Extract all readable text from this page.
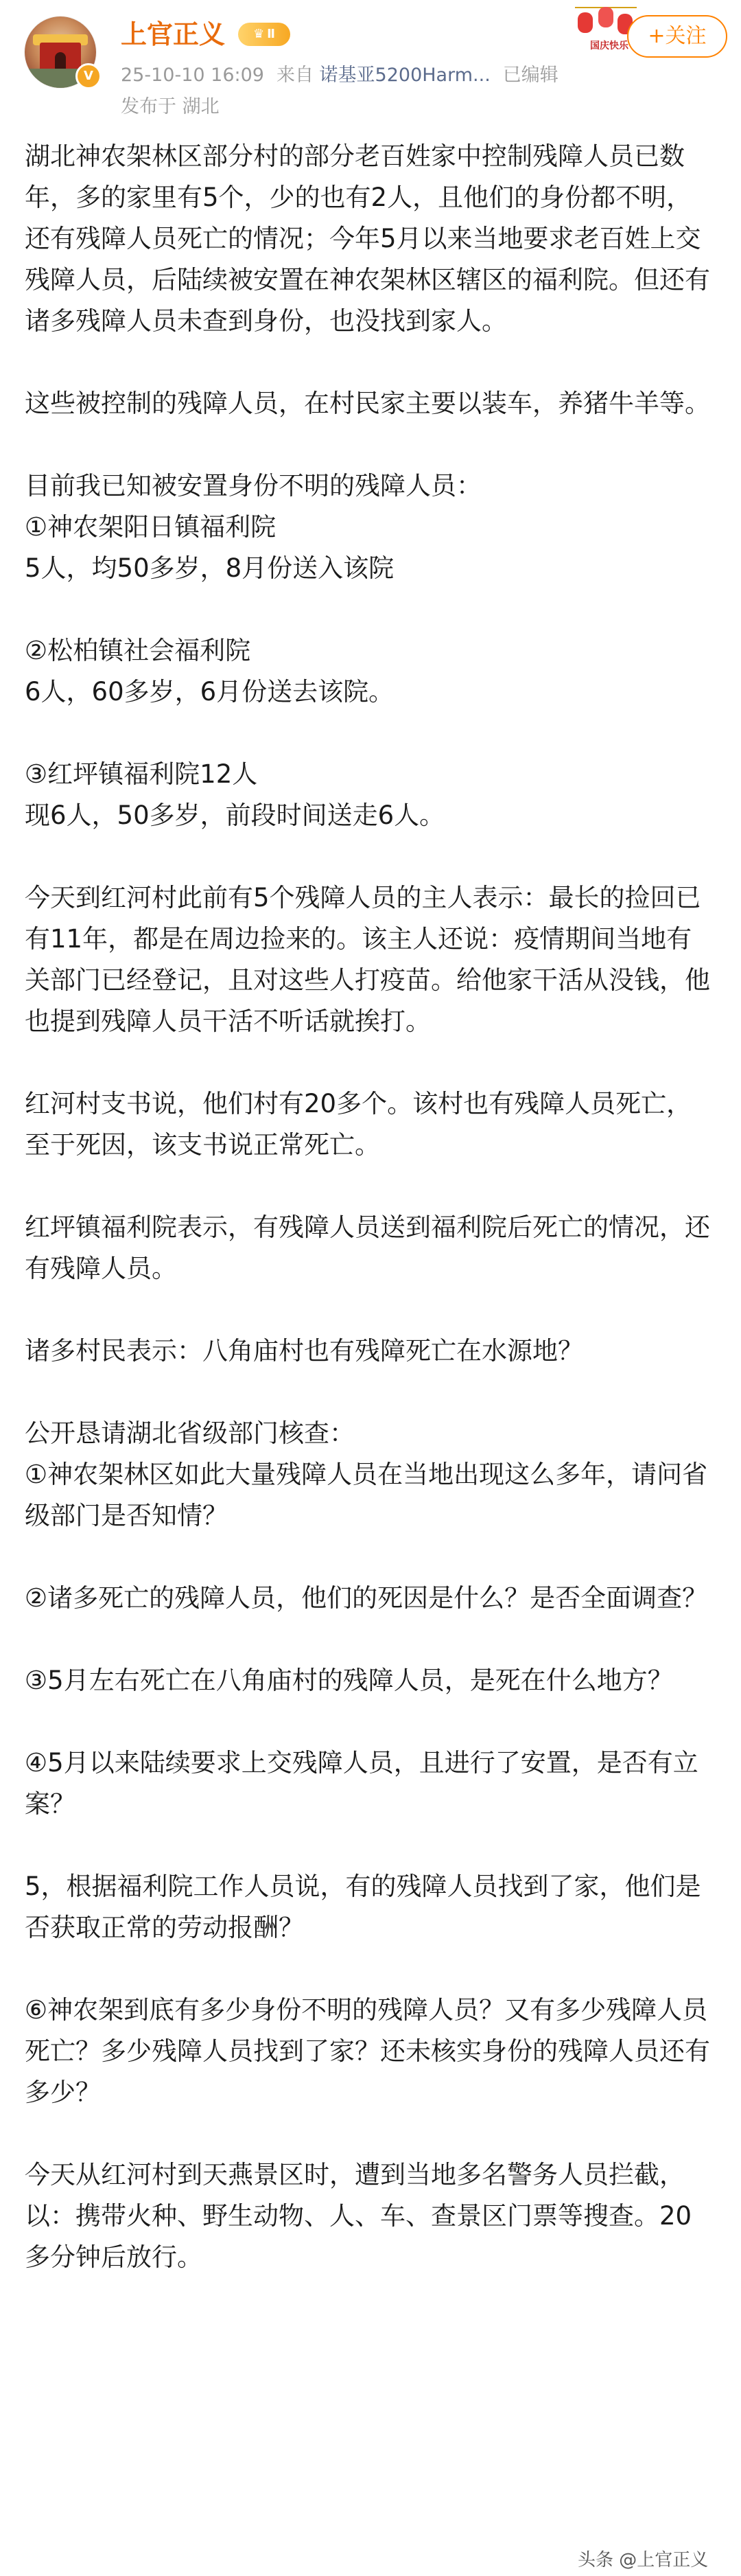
V
上官正义	♛ Ⅱ
25-10-10 16:09 来自 诺基亚5200Harm... 已编辑
发布于 湖北
国庆快乐 +关注

湖北神农架林区部分村的部分老百姓家中控制残障人员已数年，多的家里有5个，少的也有2人，且他们的身份都不明，还有残障人员死亡的情况；今年5月以来当地要求老百姓上交残障人员，后陆续被安置在神农架林区辖区的福利院。但还有诸多残障人员未查到身份，也没找到家人。

这些被控制的残障人员，在村民家主要以装车，养猪牛羊等。

目前我已知被安置身份不明的残障人员：
①神农架阳日镇福利院
5人，均50多岁，8月份送入该院

②松柏镇社会福利院
6人，60多岁，6月份送去该院。

③红坪镇福利院12人
现6人，50多岁，前段时间送走6人。

今天到红河村此前有5个残障人员的主人表示：最长的捡回已有11年，都是在周边捡来的。该主人还说：疫情期间当地有关部门已经登记，且对这些人打疫苗。给他家干活从没钱，他也提到残障人员干活不听话就挨打。

红河村支书说，他们村有20多个。该村也有残障人员死亡，至于死因，该支书说正常死亡。

红坪镇福利院表示，有残障人员送到福利院后死亡的情况，还有残障人员。

诸多村民表示：八角庙村也有残障死亡在水源地？

公开恳请湖北省级部门核查：
①神农架林区如此大量残障人员在当地出现这么多年，请问省级部门是否知情？

②诸多死亡的残障人员，他们的死因是什么？是否全面调查？

③5月左右死亡在八角庙村的残障人员，是死在什么地方？

④5月以来陆续要求上交残障人员，且进行了安置，是否有立案？

5，根据福利院工作人员说，有的残障人员找到了家，他们是否获取正常的劳动报酬？

⑥神农架到底有多少身份不明的残障人员？又有多少残障人员死亡？多少残障人员找到了家？还未核实身份的残障人员还有多少？

今天从红河村到天燕景区时，遭到当地多名警务人员拦截，以：携带火种、野生动物、人、车、查景区门票等搜查。20多分钟后放行。

头条 @上官正义
